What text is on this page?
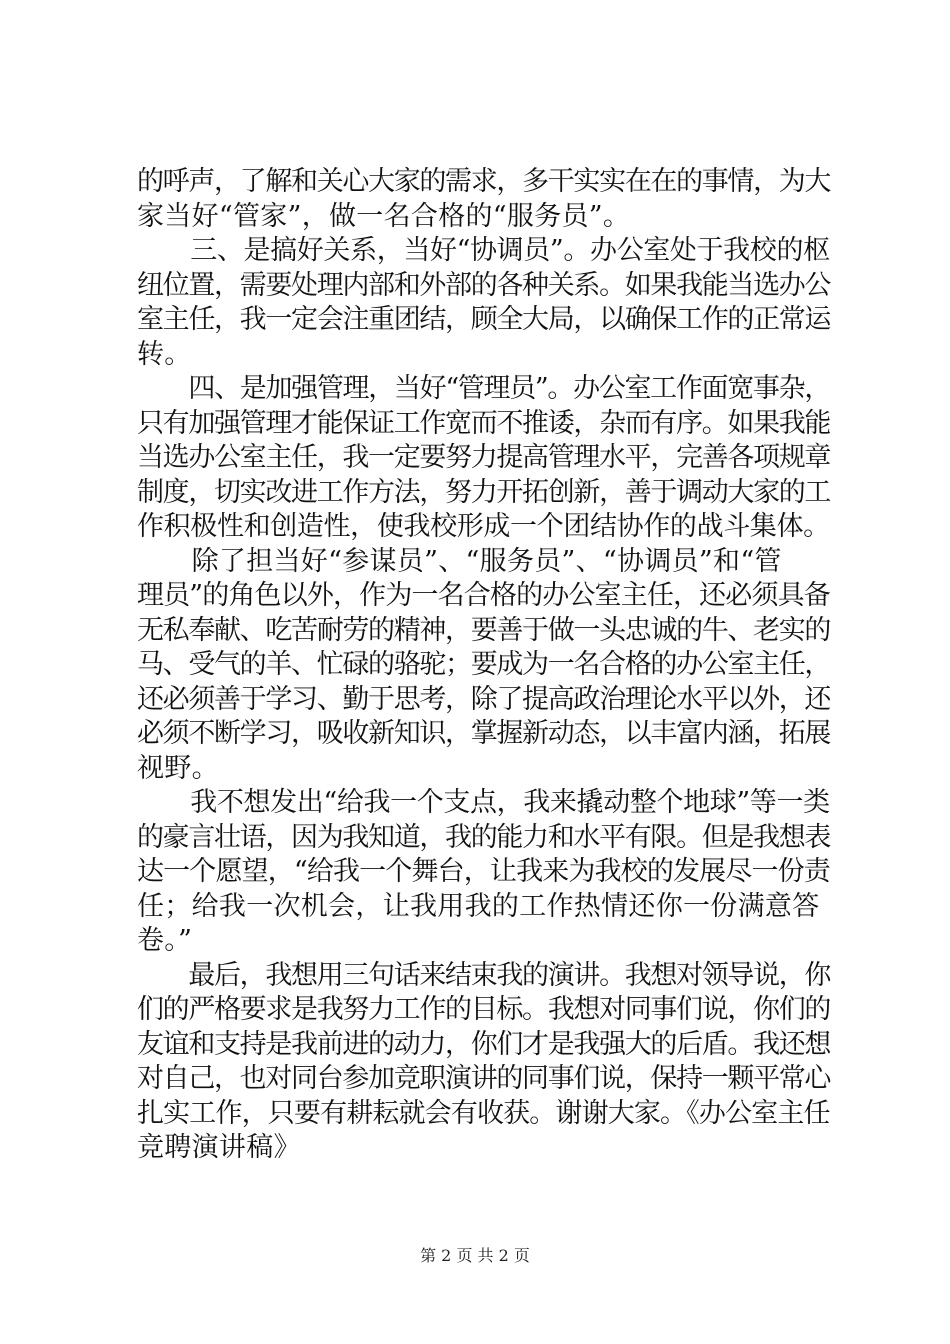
的呼声，了解和关心大家的需求，多干实实在在的事情，为大
家当好“管家”，做一名合格的“服务员”。
　　三、是搞好关系，当好“协调员”。办公室处于我校的枢
纽位置，需要处理内部和外部的各种关系。如果我能当选办公
室主任，我一定会注重团结，顾全大局，以确保工作的正常运
转。
　　四、是加强管理，当好“管理员”。办公室工作面宽事杂，
只有加强管理才能保证工作宽而不推诿，杂而有序。如果我能
当选办公室主任，我一定要努力提高管理水平，完善各项规章
制度，切实改进工作方法，努力开拓创新，善于调动大家的工
作积极性和创造性，使我校形成一个团结协作的战斗集体。
　　除了担当好“参谋员”、“服务员”、“协调员”和“管
理员”的角色以外，作为一名合格的办公室主任，还必须具备
无私奉献、吃苦耐劳的精神，要善于做一头忠诚的牛、老实的
马、受气的羊、忙碌的骆驼；要成为一名合格的办公室主任，
还必须善于学习、勤于思考，除了提高政治理论水平以外，还
必须不断学习，吸收新知识，掌握新动态，以丰富内涵，拓展
视野。
　　我不想发出“给我一个支点，我来撬动整个地球”等一类
的豪言壮语，因为我知道，我的能力和水平有限。但是我想表
达一个愿望，“给我一个舞台，让我来为我校的发展尽一份责
任；给我一次机会，让我用我的工作热情还你一份满意答
卷。”
　　最后，我想用三句话来结束我的演讲。我想对领导说，你
们的严格要求是我努力工作的目标。我想对同事们说，你们的
友谊和支持是我前进的动力，你们才是我强大的后盾。我还想
对自己，也对同台参加竞职演讲的同事们说，保持一颗平常心
扎实工作，只要有耕耘就会有收获。谢谢大家。《办公室主任
竞聘演讲稿》
第 2 页 共 2 页
